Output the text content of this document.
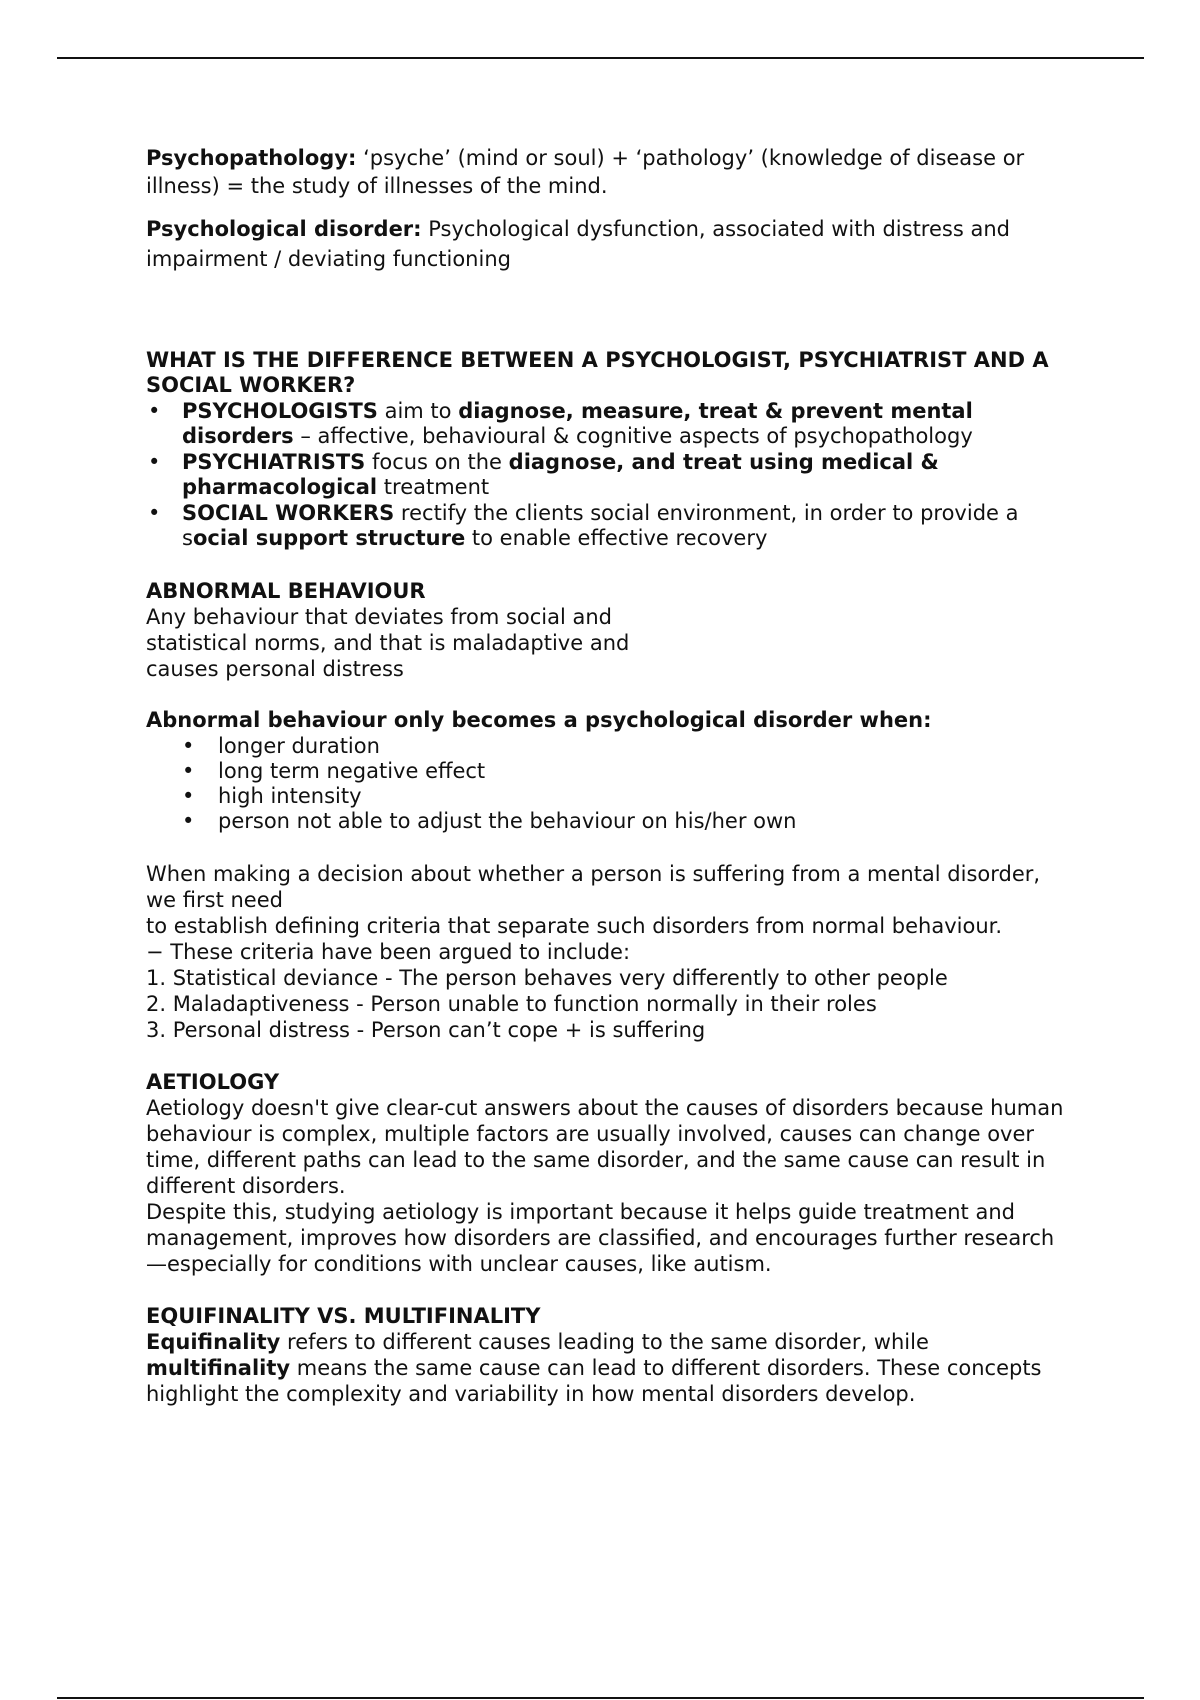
Psychopathology: ‘psyche’ (mind or soul) + ‘pathology’ (knowledge of disease or illness) = the study of illnesses of the mind.

Psychological disorder: Psychological dysfunction, associated with distress and impairment / deviating functioning

WHAT IS THE DIFFERENCE BETWEEN A PSYCHOLOGIST, PSYCHIATRIST AND A SOCIAL WORKER?
• PSYCHOLOGISTS aim to diagnose, measure, treat & prevent mental disorders – affective, behavioural & cognitive aspects of psychopathology
• PSYCHIATRISTS focus on the diagnose, and treat using medical & pharmacological treatment
• SOCIAL WORKERS rectify the clients social environment, in order to provide a social support structure to enable effective recovery
ABNORMAL BEHAVIOUR

Any behaviour that deviates from social and statistical norms, and that is maladaptive and causes personal distress

Abnormal behaviour only becomes a psychological disorder when:
• longer duration
• long term negative effect
• high intensity
• person not able to adjust the behaviour on his/her own

When making a decision about whether a person is suffering from a mental disorder, we first need

to establish defining criteria that separate such disorders from normal behaviour.

− These criteria have been argued to include:

1. Statistical deviance - The person behaves very differently to other people

2. Maladaptiveness - Person unable to function normally in their roles

3. Personal distress - Person can’t cope + is suffering

AETIOLOGY

Aetiology doesn't give clear-cut answers about the causes of disorders because human behaviour is complex, multiple factors are usually involved, causes can change over time, different paths can lead to the same disorder, and the same cause can result in different disorders.

Despite this, studying aetiology is important because it helps guide treatment and management, improves how disorders are classified, and encourages further research—especially for conditions with unclear causes, like autism.

EQUIFINALITY VS. MULTIFINALITY

Equifinality refers to different causes leading to the same disorder, while multifinality means the same cause can lead to different disorders. These concepts highlight the complexity and variability in how mental disorders develop.
